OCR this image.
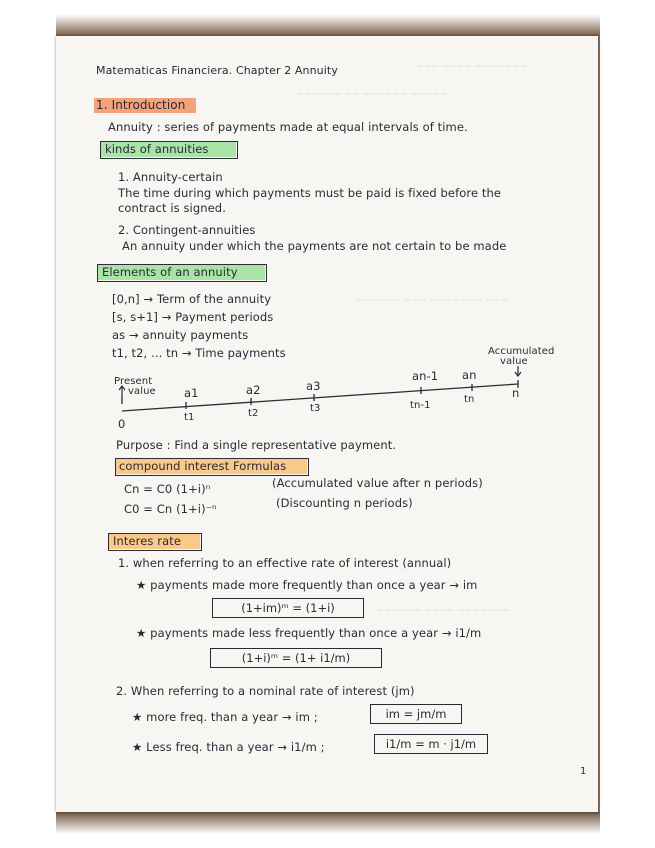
~~~ ~~~~ ~~~~~~~
~~~~~~ ~~ ~~~~~~ ~~~~~
~~~~~~ ~~~ ~~~~~~~ ~~~
~~~~~~ ~~~~ ~~~~~~~
Matematicas Financiera. Chapter 2 Annuity
1. Introduction
Annuity : series of payments made at equal intervals of time.
kinds of annuities
1. Annuity-certain
The time during which payments must be paid is fixed before the
contract is signed.
2. Contingent-annuities
An annuity under which the payments are not certain to be made
Elements of an annuity
[0,n] → Term of the annuity
[s, s+1] → Payment periods
as → annuity payments
t1, t2, ... tn → Time payments
Present
value
Accumulated
value
a1	a2	a3
an-1 an
0	t1	t2	t3	tn-1
tn	n
Purpose : Find a single representative payment.
compound interest Formulas
Cn = C0 (1+i)ⁿ	(Accumulated value after n periods)
C0 = Cn (1+i)⁻ⁿ	(Discounting n periods)
Interes rate
1. when referring to an effective rate of interest (annual)
★ payments made more frequently than once a year → im
(1+im)ᵐ = (1+i)
★ payments made less frequently than once a year → i1/m
(1+i)ᵐ = (1+ i1/m)
2. When referring to a nominal rate of interest (jm)
★ more freq. than a year → im ;	im = jm/m
★ Less freq. than a year → i1/m ;	i1/m = m · j1/m
1
